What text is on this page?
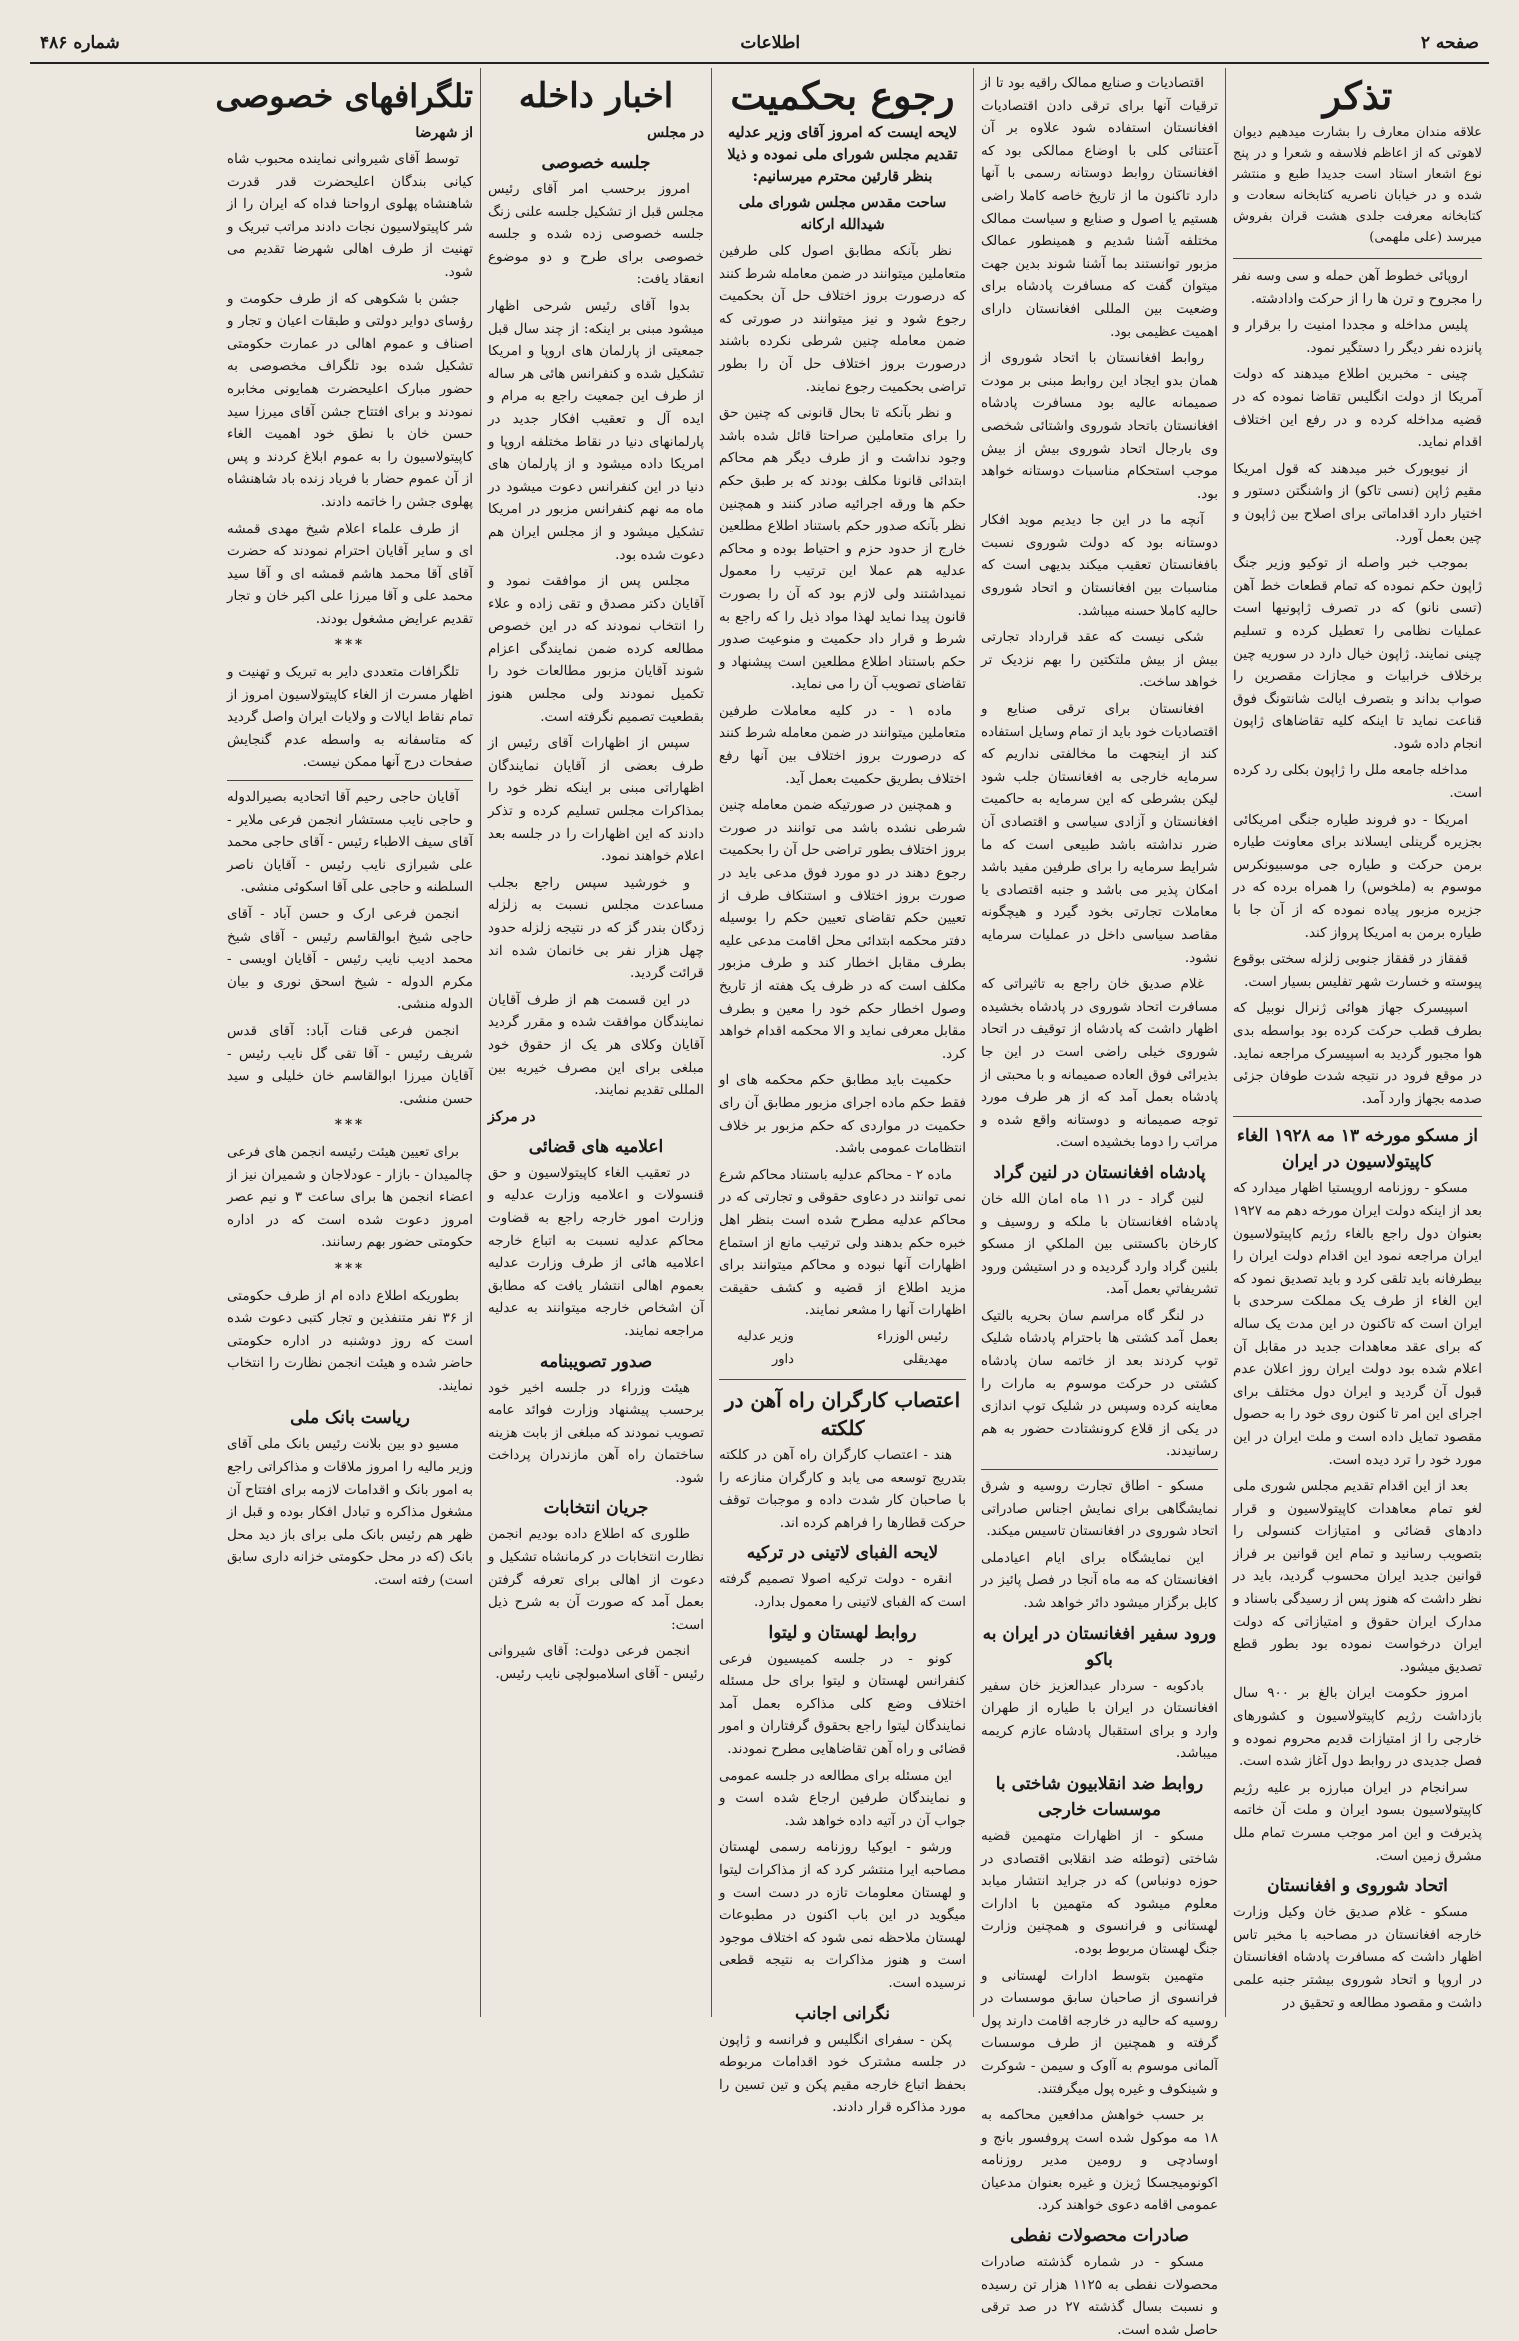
صفحه ۲
اطلاعات
شماره ۴۸۶
تذکر

علاقه مندان معارف را بشارت میدهیم دیوان لاهوتی که از اعاظم فلاسفه و شعرا و در پنج نوع اشعار استاد است جدیدا طبع و منتشر شده و در خیابان ناصریه کتابخانه سعادت و کتابخانه معرفت جلدی هشت قران بفروش میرسد (علی ملهمی)

اروپائی خطوط آهن حمله و سی وسه نفر را مجروح و ترن ها را از حرکت وادادشته.

پلیس مداخله و مجددا امنیت را برقرار و پانزده نفر دیگر را دستگیر نمود.

چینی - مخبرین اطلاع میدهند که دولت آمریکا از دولت انگلیس تقاضا نموده که در قضیه مداخله کرده و در رفع این اختلاف اقدام نماید.

از نیویورک خبر میدهند که قول امریکا مقیم ژاپن (نسی تاکو) از واشنگتن دستور و اختیار دارد اقداماتی برای اصلاح بین ژاپون و چین بعمل آورد.

بموجب خبر واصله از توکیو وزیر جنگ ژاپون حکم نموده که تمام قطعات خط آهن (تسی نانو) که در تصرف ژاپونیها است عملیات نظامی را تعطیل کرده و تسلیم چینی نمایند. ژاپون خیال دارد در سوریه چین برخلاف خرابیات و مجازات مقصرین را صواب بداند و بتصرف ایالت شانتونگ فوق قناعت نماید تا اینکه کلیه تقاضاهای ژاپون انجام داده شود.

مداخله جامعه ملل را ژاپون بکلی رد کرده است.

امریکا - دو فروند طیاره جنگی امریکائی بجزیره گرینلی ایسلاند برای معاونت طیاره برمن حرکت و طیاره جی موسبیونکرس موسوم به (ملخوس) را همراه برده که در جزیره مزبور پیاده نموده که از آن جا با طیاره برمن به امریکا پرواز کند.

قفقاز در قفقاز جنوبی زلزله سختی بوقوع پیوسته و خسارت شهر تفلیس بسیار است.

اسپیسرک جهاز هوائی ژنرال نوبیل که بطرف قطب حرکت کرده بود بواسطه بدی هوا مجبور گردید به اسپیسرک مراجعه نماید. در موقع فرود در نتیجه شدت طوفان جزئی صدمه بجهاز وارد آمد.

از مسکو مورخه ۱۳ مه ۱۹۲۸ الغاء کاپیتولاسیون در ایران

مسکو - روزنامه اروپستیا اظهار میدارد که بعد از اینکه دولت ایران مورخه دهم مه ۱۹۲۷ بعنوان دول راجع بالغاء رژیم کاپیتولاسیون ایران مراجعه نمود این اقدام دولت ایران را بیطرفانه باید تلقی کرد و باید تصدیق نمود که این الغاء از طرف یک مملکت سرحدی با ایران است که تاکنون در این مدت یک ساله که برای عقد معاهدات جدید در مقابل آن اعلام شده بود دولت ایران روز اعلان عدم قبول آن گردید و ایران دول مختلف برای اجرای این امر تا کنون روی خود را به حصول مقصود تمایل داده است و ملت ایران در این مورد خود را ترد دیده است.

بعد از این اقدام تقدیم مجلس شوری ملی لغو تمام معاهدات کاپیتولاسیون و قرار دادهای قضائی و امتیازات کنسولی را بتصویب رسانید و تمام این قوانین بر فراز قوانین جدید ایران محسوب گردید، باید در نظر داشت که هنوز پس از رسیدگی باسناد و مدارک ایران حقوق و امتیازاتی که دولت ایران درخواست نموده بود بطور قطع تصدیق میشود.

امروز حکومت ایران بالغ بر ۹۰۰ سال بازداشت رژیم کاپیتولاسیون و کشورهای خارجی را از امتیازات قدیم محروم نموده و فصل جدیدی در روابط دول آغاز شده است.

سرانجام در ایران مبارزه بر علیه رژیم کاپیتولاسیون بسود ایران و ملت آن خاتمه پذیرفت و این امر موجب مسرت تمام ملل مشرق زمین است.

اتحاد شوروی و افغانستان

مسکو - غلام صدیق خان وکیل وزارت خارجه افغانستان در مصاحبه با مخبر تاس اظهار داشت که مسافرت پادشاه افغانستان در اروپا و اتحاد شوروی بیشتر جنبه علمی داشت و مقصود مطالعه و تحقیق در

اقتصادیات و صنایع ممالک راقیه بود تا از ترقیات آنها برای ترقی دادن اقتصادیات افغانستان استفاده شود علاوه بر آن آعتنائی کلی با اوضاع ممالکی بود که افغانستان روابط دوستانه رسمی با آنها دارد تاکنون ما از تاریخ خاصه کاملا راضی هستیم یا اصول و صنایع و سیاست ممالک مختلفه آشنا شدیم و همینطور عمالک مزبور توانستند بما آشنا شوند بدین جهت میتوان گفت که مسافرت پادشاه برای وضعیت بین المللی افغانستان دارای اهمیت عظیمی بود.

روابط افغانستان با اتحاد شوروی از همان بدو ایجاد این روابط مبنی بر مودت صمیمانه عالیه بود مسافرت پادشاه افغانستان باتحاد شوروی واشتائی شخصی وی بارجال اتحاد شوروی بیش از بیش موجب استحکام مناسبات دوستانه خواهد بود.

آنچه ما در این جا دیدیم موید افکار دوستانه بود که دولت شوروی نسبت بافغانستان تعقیب میکند بدیهی است که مناسبات بین افغانستان و اتحاد شوروی حالیه کاملا حسنه میباشد.

شکی نیست که عقد قرارداد تجارتی بیش از بیش ملتکتین را بهم نزدیک تر خواهد ساخت.

افغانستان برای ترقی صنایع و اقتصادیات خود باید از تمام وسایل استفاده کند از اینجهت ما مخالفتی نداریم که سرمایه خارجی به افغانستان جلب شود لیکن بشرطی که این سرمایه به حاکمیت افغانستان و آزادی سیاسی و اقتصادی آن ضرر نداشته باشد طبیعی است که ما شرایط سرمایه را برای طرفین مفید باشد امکان پذیر می باشد و جنبه اقتصادی یا معاملات تجارتی بخود گیرد و هیچگونه مقاصد سیاسی داخل در عملیات سرمایه نشود.

غلام صدیق خان راجع به تاثیراتی که مسافرت اتحاد شوروی در پادشاه بخشیده اظهار داشت که پادشاه از توقیف در اتحاد شوروی خیلی راضی است در این جا بذیرائی فوق العاده صمیمانه و با محبتی از پادشاه بعمل آمد که از هر طرف مورد توجه صمیمانه و دوستانه واقع شده و مراتب را دوما بخشیده است.

پادشاه افغانستان در لنین گراد

لنین گراد - در ۱۱ ماه امان الله خان پادشاه افغانستان با ملکه و روسیف و کارخان باکستنی بين الملكي از مسكو بلنين گراد وارد گرديده و در استيشن ورود تشريفاتي بعمل آمد.

در لنگر گاه مراسم سان بحریه بالتیک بعمل آمد کشتی ها باحترام پادشاه شلیک توپ کردند بعد از خاتمه سان پادشاه کشتی در حرکت موسوم به مارات را معاینه کرده وسپس در شلیک توپ اندازی در یکی از قلاع کرونشتادت حضور به هم رسانیدند.

مسکو - اطاق تجارت روسیه و شرق نمایشگاهی برای نمایش اجناس صادراتی اتحاد شوروی در افغانستان تاسیس میکند.

این نمایشگاه برای ایام اعیادملی افغانستان که مه ماه آنجا در فصل پائیز در کابل برگزار میشود دائر خواهد شد.

ورود سفیر افغانستان در ایران به باکو

بادکوبه - سردار عبدالعزیز خان سفیر افغانستان در ایران با طیاره از طهران وارد و برای استقبال پادشاه عازم کریمه میباشد.

روابط ضد انقلابیون شاختی با موسسات خارجی

مسکو - از اظهارات متهمین قضیه شاختی (توطئه ضد انقلابی اقتصادی در حوزه دونباس) که در جراید انتشار میابد معلوم میشود که متهمین با ادارات لهستانی و فرانسوی و همچنین وزارت جنگ لهستان مربوط بوده.

متهمین بتوسط ادارات لهستانی و فرانسوی از صاحبان سابق موسسات در روسیه که حالیه در خارجه اقامت دارند پول گرفته و همچنین از طرف موسسات آلمانی موسوم به آاوک و سیمن - شوکرت و شینکوف و غیره پول میگرفتند.

بر حسب خواهش مدافعین محاکمه به ۱۸ مه موکول شده است پروفسور بانج و اوسادچی و رومین مدیر روزنامه اکونومیجسکا ژیزن و غیره بعنوان مدعیان عمومی اقامه دعوی خواهند کرد.

صادرات محصولات نفطی

مسکو - در شماره گذشته صادرات محصولات نفطی به ۱۱۲۵ هزار تن رسیده و نسبت بسال گذشته ۲۷ در صد ترقی حاصل شده است.

رجوع بحکمیت
لایحه ایست که امروز آقای وزیر عدلیه تقدیم مجلس شورای ملی نموده و ذیلا بنظر قارئین محترم میرسانیم:
ساحت مقدس مجلس شورای ملی شیدالله ارکانه

نظر بآنکه مطابق اصول کلی طرفین متعاملین میتوانند در ضمن معامله شرط کنند که درصورت بروز اختلاف حل آن بحکمیت رجوع شود و نیز میتوانند در صورتی که ضمن معامله چنین شرطی نکرده باشند درصورت بروز اختلاف حل آن را بطور تراضی بحکمیت رجوع نمایند.

و نظر بآنکه تا بحال قانونی که چنین حق را برای متعاملین صراحتا قائل شده باشد وجود نداشت و از طرف دیگر هم محاکم ابتدائی قانونا مکلف بودند که بر طبق حکم حکم ها ورقه اجرائیه صادر کنند و همچنین نظر بآنکه صدور حکم باستناد اطلاع مطلعین خارج از حدود حزم و احتیاط بوده و محاکم عدلیه هم عملا این ترتیب را معمول نمیداشتند ولی لازم بود که آن را بصورت قانون پیدا نماید لهذا مواد ذیل را که راجع به شرط و قرار داد حکمیت و منوعیت صدور حکم باستناد اطلاع مطلعین است پیشنهاد و تقاضای تصویب آن را می نماید.

ماده ۱ - در کلیه معاملات طرفین متعاملین میتوانند در ضمن معامله شرط کنند که درصورت بروز اختلاف بین آنها رفع اختلاف بطریق حکمیت بعمل آید.

و همچنین در صورتیکه ضمن معامله چنین شرطی نشده باشد می توانند در صورت بروز اختلاف بطور تراضی حل آن را بحکمیت رجوع دهند در دو مورد فوق مدعی باید در صورت بروز اختلاف و استنکاف طرف از تعیین حکم تقاضای تعیین حکم را بوسیله دفتر محکمه ابتدائی محل اقامت مدعی علیه بطرف مقابل اخطار کند و طرف مزبور مکلف است که در ظرف یک هفته از تاریخ وصول اخطار حکم خود را معین و بطرف مقابل معرفی نماید و الا محکمه اقدام خواهد کرد.

حکمیت باید مطابق حکم محکمه های او فقط حکم ماده اجرای مزبور مطابق آن رای حکمیت در مواردی که حکم مزبور بر خلاف انتظامات عمومی باشد.

ماده ۲ - محاکم عدلیه باستناد محاکم شرع نمی توانند در دعاوی حقوقی و تجارتی که در محاکم عدلیه مطرح شده است بنظر اهل خبره حکم بدهند ولی ترتیب مانع از استماع اظهارات آنها نبوده و محاکم میتوانند برای مزید اطلاع از قضیه و کشف حقیقت اظهارات آنها را مشعر نمایند.

رئیس الوزراء
مهدیقلی
وزیر عدلیه
داور
اعتصاب کارگران راه آهن در کلکته

هند - اعتصاب کارگران راه آهن در کلکته بتدریج توسعه می یابد و کارگران منازعه را با صاحبان کار شدت داده و موجبات توقف حرکت قطارها را فراهم کرده اند.

لایحه الفبای لاتینی در ترکیه

انقره - دولت ترکیه اصولا تصمیم گرفته است که الفبای لاتینی را معمول بدارد.

روابط لهستان و لیتوا

کونو - در جلسه کمیسیون فرعی کنفرانس لهستان و لیتوا برای حل مسئله اختلاف وضع کلی مذاکره بعمل آمد نمایندگان لیتوا راجع بحقوق گرفتاران و امور قضائی و راه آهن تقاضاهایی مطرح نمودند.

این مسئله برای مطالعه در جلسه عمومی و نمایندگان طرفین ارجاع شده است و جواب آن در آتیه داده خواهد شد.

ورشو - ایوکیا روزنامه رسمی لهستان مصاحبه ایرا منتشر کرد که از مذاکرات لیتوا و لهستان معلومات تازه در دست است و میگوید در این باب اکنون در مطبوعات لهستان ملاحظه نمی شود که اختلاف موجود است و هنوز مذاکرات به نتیجه قطعی نرسیده است.

نگرانی اجانب

پکن - سفرای انگلیس و فرانسه و ژاپون در جلسه مشترک خود اقدامات مربوطه بحفظ اتباع خارجه مقیم پکن و تین تسین را مورد مذاکره قرار دادند.

اخبار داخله
در مجلس
جلسه خصوصی

امروز برحسب امر آقای رئیس مجلس قبل از تشکیل جلسه علنی زنگ جلسه خصوصی زده شده و جلسه خصوصی برای طرح و دو موضوع انعقاد یافت:

بدوا آقای رئیس شرحی اظهار میشود مبنی بر اینکه: از چند سال قبل جمعیتی از پارلمان های اروپا و امریکا تشکیل شده و کنفرانس هائی هر ساله از طرف این جمعیت راجع به مرام و ایده آل و تعقیب افکار جدید در پارلمانهای دنیا در نقاط مختلفه اروپا و امریکا داده میشود و از پارلمان های دنیا در این کنفرانس دعوت میشود در ماه مه نهم کنفرانس مزبور در امریکا تشکیل میشود و از مجلس ایران هم دعوت شده بود.

مجلس پس از موافقت نمود و آقایان دکتر مصدق و تقی زاده و علاء را انتخاب نمودند که در این خصوص مطالعه کرده ضمن نمایندگی اعزام شوند آقایان مزبور مطالعات خود را تکمیل نمودند ولی مجلس هنوز بقطعیت تصمیم نگرفته است.

سپس از اظهارات آقای رئیس از طرف بعضی از آقایان نمایندگان اظهاراتی مبنی بر اینکه نظر خود را بمذاکرات مجلس تسلیم کرده و تذکر دادند که این اظهارات را در جلسه بعد اعلام خواهند نمود.

و خورشید سپس راجع بجلب مساعدت مجلس نسبت به زلزله زدگان بندر گز که در نتیجه زلزله حدود چهل هزار نفر بی خانمان شده اند قرائت گردید.

در این قسمت هم از طرف آقایان نمایندگان موافقت شده و مقرر گردید آقایان وکلای هر یک از حقوق خود مبلغی برای این مصرف خیریه بین المللی تقدیم نمایند.

در مرکز
اعلامیه های قضائی

در تعقیب الغاء کاپیتولاسیون و حق قنسولات و اعلامیه وزارت عدلیه و وزارت امور خارجه راجع به قضاوت محاکم عدلیه نسبت به اتباع خارجه اعلامیه هائی از طرف وزارت عدلیه بعموم اهالی انتشار یافت که مطابق آن اشخاص خارجه میتوانند به عدلیه مراجعه نمایند.

صدور تصویبنامه

هیئت وزراء در جلسه اخیر خود برحسب پیشنهاد وزارت فوائد عامه تصویب نمودند که مبلغی از بابت هزینه ساختمان راه آهن مازندران پرداخت شود.

جریان انتخابات

طلوری که اطلاع داده بودیم انجمن نظارت انتخابات در کرمانشاه تشکیل و دعوت از اهالی برای تعرفه گرفتن بعمل آمد که صورت آن به شرح ذیل است:

انجمن فرعی دولت: آقای شیروانی رئیس - آقای اسلامبولچی نایب رئیس.

تلگرافهای خصوصی
از شهرضا

توسط آقای شیروانی نماینده محبوب شاه کیانی بندگان اعلیحضرت قدر قدرت شاهنشاه پهلوی ارواحنا فداه که ایران را از شر کاپیتولاسیون نجات دادند مراتب تبریک و تهنیت از طرف اهالی شهرضا تقدیم می شود.

جشن با شکوهی که از طرف حکومت و رؤسای دوایر دولتی و طبقات اعیان و تجار و اصناف و عموم اهالی در عمارت حکومتی تشکیل شده بود تلگراف مخصوصی به حضور مبارک اعلیحضرت همایونی مخابره نمودند و برای افتتاح جشن آقای میرزا سید حسن خان با نطق خود اهمیت الغاء کاپیتولاسیون را به عموم ابلاغ کردند و پس از آن عموم حضار با فریاد زنده باد شاهنشاه پهلوی جشن را خاتمه دادند.

از طرف علماء اعلام شیخ مهدی قمشه ای و سایر آقایان احترام نمودند که حضرت آقای آقا محمد هاشم قمشه ای و آقا سید محمد علی و آقا میرزا علی اکبر خان و تجار تقدیم عرایض مشغول بودند.

***

تلگرافات متعددی دایر به تبریک و تهنیت و اظهار مسرت از الغاء کاپیتولاسیون امروز از تمام نقاط ایالات و ولایات ایران واصل گردید که متاسفانه به واسطه عدم گنجایش صفحات درج آنها ممکن نیست.

آقایان حاجی رحیم آقا اتحادیه بصیرالدوله و حاجی نایب مستشار انجمن فرعی ملایر - آقای سیف الاطباء رئیس - آقای حاجی محمد علی شیرازی نایب رئیس - آقایان ناصر السلطنه و حاجی علی آقا اسکوئی منشی.

انجمن فرعی ارک و حسن آباد - آقای حاجی شیخ ابوالقاسم رئیس - آقای شیخ محمد ادیب نایب رئیس - آقایان اویسی - مکرم الدوله - شیخ اسحق نوری و بیان الدوله منشی.

انجمن فرعی قنات آباد: آقای قدس شریف رئیس - آقا تقی گل نایب رئیس - آقایان میرزا ابوالقاسم خان خلیلی و سید حسن منشی.

***

برای تعیین هیئت رئیسه انجمن های فرعی چالمیدان - بازار - عودلاجان و شمیران نیز از اعضاء انجمن ها برای ساعت ۳ و نیم عصر امروز دعوت شده است که در اداره حکومتی حضور بهم رسانند.

***

بطوریکه اطلاع داده ام از طرف حکومتی از ۳۶ نفر متنفذین و تجار کتبی دعوت شده است که روز دوشنبه در اداره حکومتی حاضر شده و هیئت انجمن نظارت را انتخاب نمایند.

ریاست بانک ملی

مسیو دو بین بلانت رئیس بانک ملی آقای وزیر مالیه را امروز ملاقات و مذاکراتی راجع به امور بانک و اقدامات لازمه برای افتتاح آن مشغول مذاکره و تبادل افکار بوده و قبل از ظهر هم رئیس بانک ملی برای باز دید محل بانک (که در محل حکومتی خزانه داری سابق است) رفته است.
